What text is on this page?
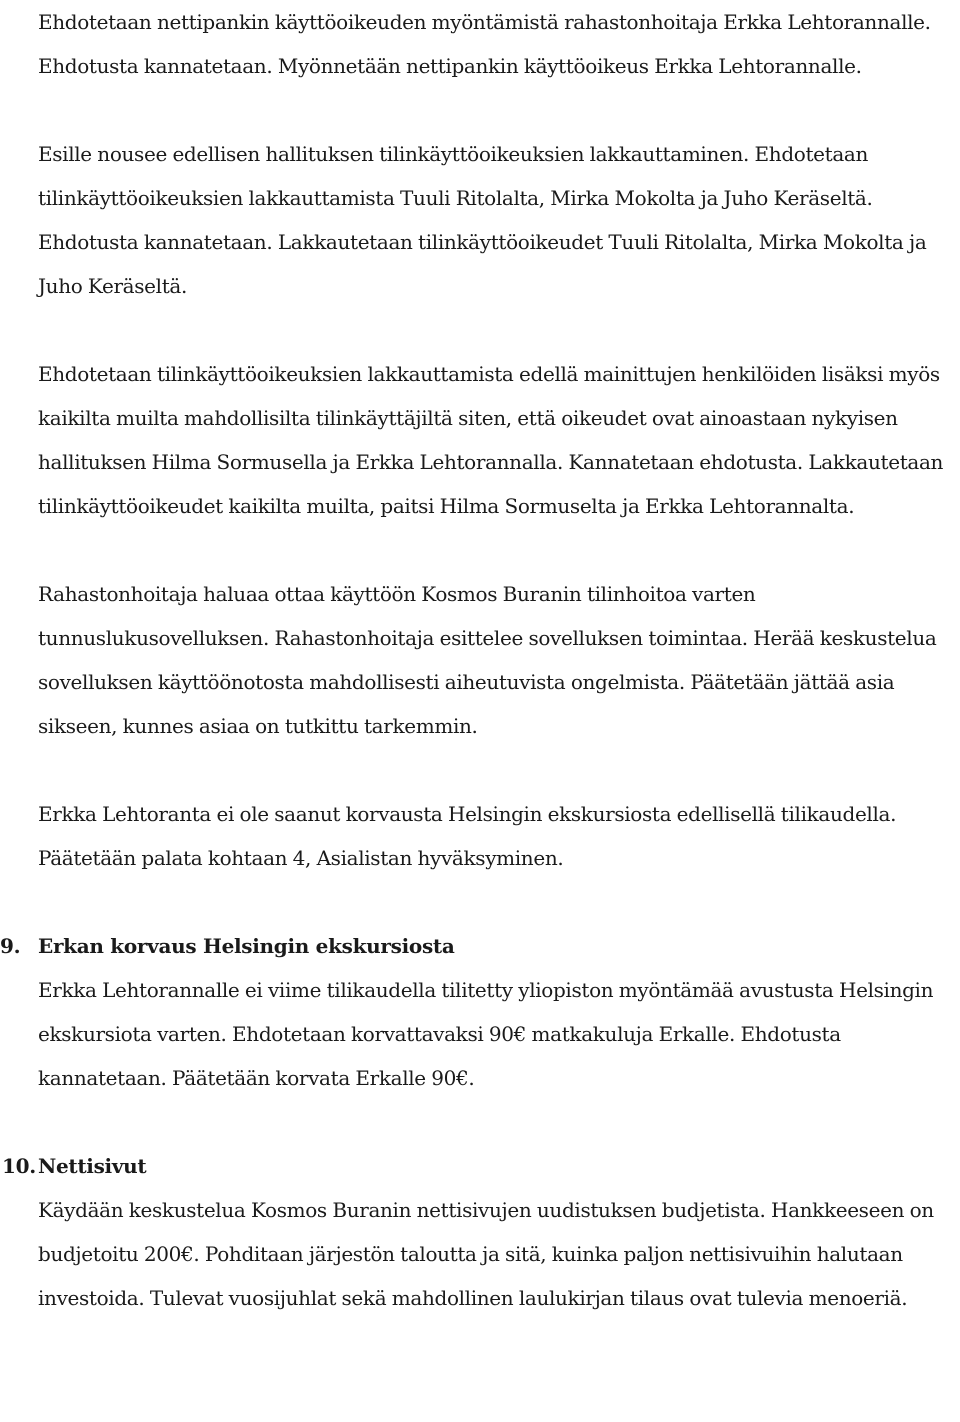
Ehdotetaan nettipankin käyttöoikeuden myöntämistä rahastonhoitaja Erkka Lehtorannalle. Ehdotusta kannatetaan. Myönnetään nettipankin käyttöoikeus Erkka Lehtorannalle.

Esille nousee edellisen hallituksen tilinkäyttöoikeuksien lakkauttaminen. Ehdotetaan tilinkäyttöoikeuksien lakkauttamista Tuuli Ritolalta, Mirka Mokolta ja Juho Keräseltä. Ehdotusta kannatetaan. Lakkautetaan tilinkäyttöoikeudet Tuuli Ritolalta, Mirka Mokolta ja Juho Keräseltä.

Ehdotetaan tilinkäyttöoikeuksien lakkauttamista edellä mainittujen henkilöiden lisäksi myös kaikilta muilta mahdollisilta tilinkäyttäjiltä siten, että oikeudet ovat ainoastaan nykyisen hallituksen Hilma Sormusella ja Erkka Lehtorannalla. Kannatetaan ehdotusta. Lakkautetaan tilinkäyttöoikeudet kaikilta muilta, paitsi Hilma Sormuselta ja Erkka Lehtorannalta.

Rahastonhoitaja haluaa ottaa käyttöön Kosmos Buranin tilinhoitoa varten tunnuslukusovelluksen. Rahastonhoitaja esittelee sovelluksen toimintaa. Herää keskustelua sovelluksen käyttöönotosta mahdollisesti aiheutuvista ongelmista. Päätetään jättää asia sikseen, kunnes asiaa on tutkittu tarkemmin.

Erkka Lehtoranta ei ole saanut korvausta Helsingin ekskursiosta edellisellä tilikaudella. Päätetään palata kohtaan 4, Asialistan hyväksyminen.

9. Erkan korvaus Helsingin ekskursiosta

Erkka Lehtorannalle ei viime tilikaudella tilitetty yliopiston myöntämää avustusta Helsingin ekskursiota varten. Ehdotetaan korvattavaksi 90€ matkakuluja Erkalle. Ehdotusta kannatetaan. Päätetään korvata Erkalle 90€.

10. Nettisivut

Käydään keskustelua Kosmos Buranin nettisivujen uudistuksen budjetista. Hankkeeseen on budjetoitu 200€. Pohditaan järjestön taloutta ja sitä, kuinka paljon nettisivuihin halutaan investoida. Tulevat vuosijuhlat sekä mahdollinen laulukirjan tilaus ovat tulevia menoeriä.
